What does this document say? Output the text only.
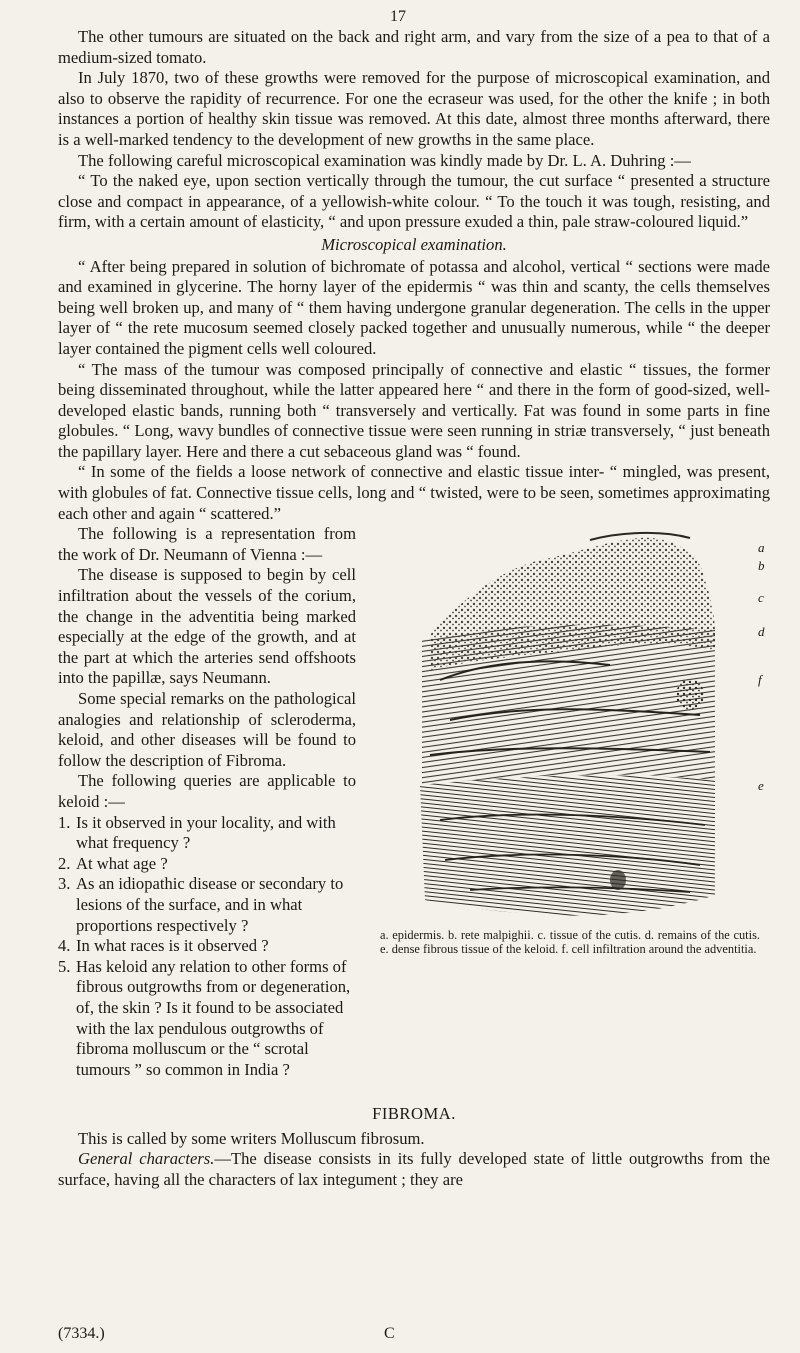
17

The other tumours are situated on the back and right arm, and vary from the size of a pea to that of a medium-sized tomato.

In July 1870, two of these growths were removed for the purpose of microscopical examination, and also to observe the rapidity of recurrence. For one the ecraseur was used, for the other the knife ; in both instances a portion of healthy skin tissue was removed. At this date, almost three months afterward, there is a well-marked tendency to the development of new growths in the same place.

The following careful microscopical examination was kindly made by Dr. L. A. Duhring :—

“ To the naked eye, upon section vertically through the tumour, the cut surface “ presented a structure close and compact in appearance, of a yellowish-white colour. “ To the touch it was tough, resisting, and firm, with a certain amount of elasticity, “ and upon pressure exuded a thin, pale straw-coloured liquid.”

Microscopical examination.

“ After being prepared in solution of bichromate of potassa and alcohol, vertical “ sections were made and examined in glycerine. The horny layer of the epidermis “ was thin and scanty, the cells themselves being well broken up, and many of “ them having undergone granular degeneration. The cells in the upper layer of “ the rete mucosum seemed closely packed together and unusually numerous, while “ the deeper layer contained the pigment cells well coloured.

“ The mass of the tumour was composed principally of connective and elastic “ tissues, the former being disseminated throughout, while the latter appeared here “ and there in the form of good-sized, well-developed elastic bands, running both “ transversely and vertically. Fat was found in some parts in fine globules. “ Long, wavy bundles of connective tissue were seen running in striæ transversely, “ just beneath the papillary layer. Here and there a cut sebaceous gland was “ found.

“ In some of the fields a loose network of connective and elastic tissue inter- “ mingled, was present, with globules of fat. Connective tissue cells, long and “ twisted, were to be seen, sometimes approximating each other and again “ scattered.”

a
b
c
d
f
e
a. epidermis. b. rete malpighii. c. tissue of the cutis. d. remains of the cutis. e. dense fibrous tissue of the keloid. f. cell infiltration around the adventitia.

The following is a representation from the work of Dr. Neumann of Vienna :—

The disease is supposed to begin by cell infiltration about the vessels of the corium, the change in the adventitia being marked especially at the edge of the growth, and at the part at which the arteries send offshoots into the papillæ, says Neumann.

Some special remarks on the pathological analogies and relationship of scleroderma, keloid, and other diseases will be found to follow the description of Fibroma.

The following queries are applicable to keloid :—

1. Is it observed in your locality, and with what frequency ?
2. At what age ?
3. As an idiopathic disease or secondary to lesions of the surface, and in what proportions respectively ?
4. In what races is it observed ?
5. Has keloid any relation to other forms of fibrous outgrowths from or degeneration, of, the skin ? Is it found to be associated with the lax pendulous outgrowths of fibroma molluscum or the “ scrotal tumours ” so common in India ?

FIBROMA.

This is called by some writers Molluscum fibrosum.

General characters.—The disease consists in its fully developed state of little outgrowths from the surface, having all the characters of lax integument ; they are

(7334.)	C
